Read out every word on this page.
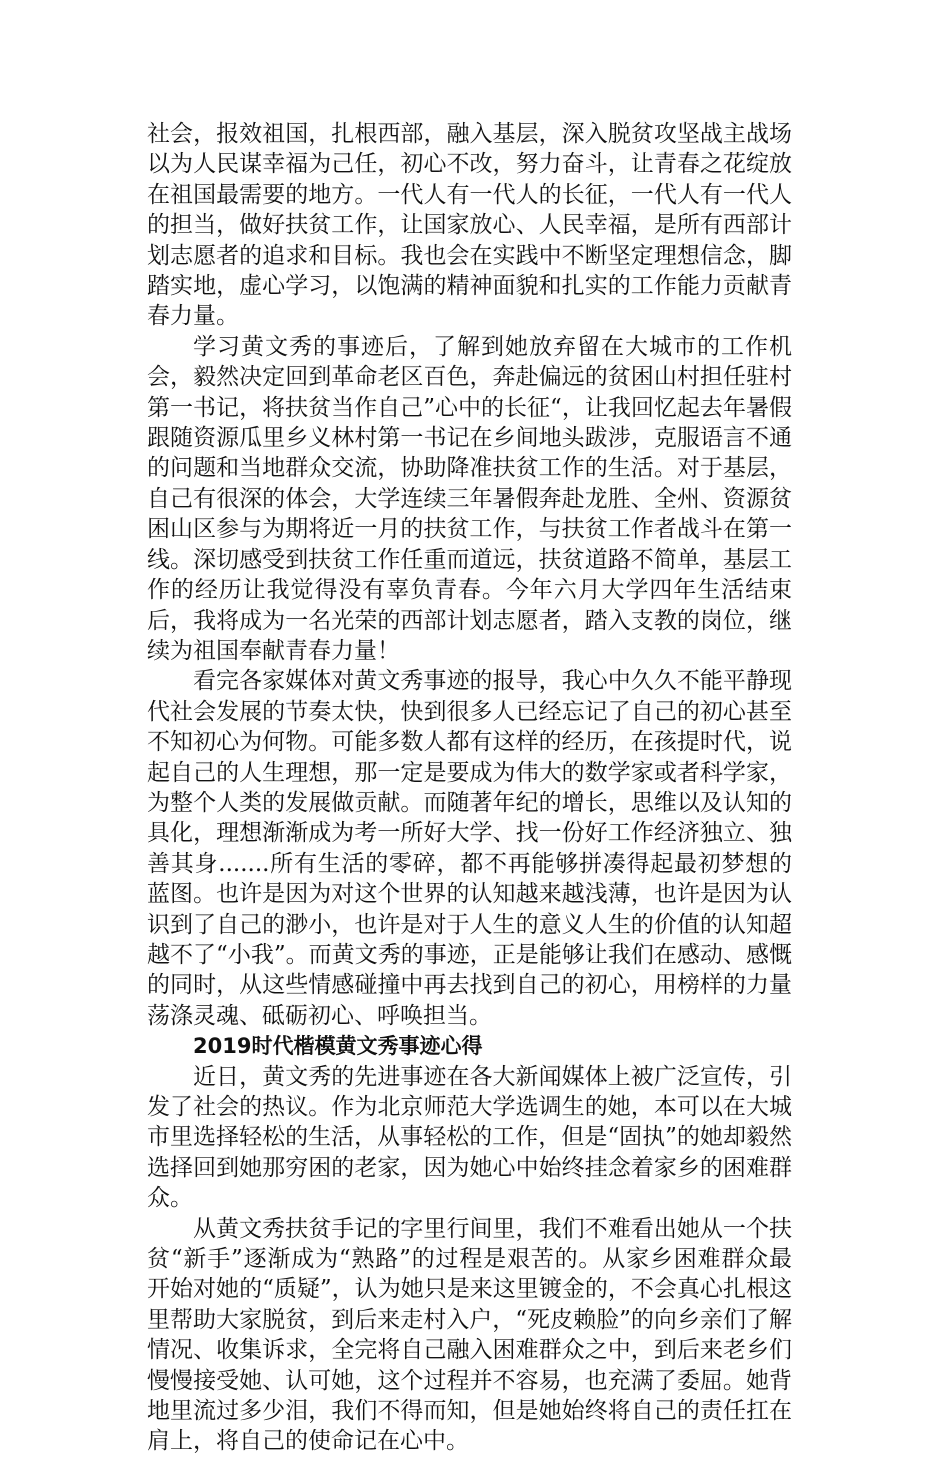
社会，报效祖国，扎根西部，融入基层，深入脱贫攻坚战主战场以为人民谋幸福为己任，初心不改，努力奋斗，让青春之花绽放在祖国最需要的地方。一代人有一代人的长征，一代人有一代人的担当，做好扶贫工作，让国家放心、人民幸福，是所有西部计划志愿者的追求和目标。我也会在实践中不断坚定理想信念，脚踏实地，虚心学习，以饱满的精神面貌和扎实的工作能力贡献青春力量。

学习黄文秀的事迹后，了解到她放弃留在大城市的工作机会，毅然决定回到革命老区百色，奔赴偏远的贫困山村担任驻村第一书记，将扶贫当作自己”心中的长征“，让我回忆起去年暑假跟随资源瓜里乡义林村第一书记在乡间地头跋涉，克服语言不通的问题和当地群众交流，协助降准扶贫工作的生活。对于基层，自己有很深的体会，大学连续三年暑假奔赴龙胜、全州、资源贫困山区参与为期将近一月的扶贫工作，与扶贫工作者战斗在第一线。深切感受到扶贫工作任重而道远，扶贫道路不简单，基层工作的经历让我觉得没有辜负青春。今年六月大学四年生活结束后，我将成为一名光荣的西部计划志愿者，踏入支教的岗位，继续为祖国奉献青春力量！

看完各家媒体对黄文秀事迹的报导，我心中久久不能平静现代社会发展的节奏太快，快到很多人已经忘记了自己的初心甚至不知初心为何物。可能多数人都有这样的经历，在孩提时代，说起自己的人生理想，那一定是要成为伟大的数学家或者科学家，为整个人类的发展做贡献。而随著年纪的增长，思维以及认知的具化，理想渐渐成为考一所好大学、找一份好工作经济独立、独善其身.......所有生活的零碎，都不再能够拼凑得起最初梦想的蓝图。也许是因为对这个世界的认知越来越浅薄，也许是因为认识到了自己的渺小，也许是对于人生的意义人生的价值的认知超越不了“小我”。而黄文秀的事迹，正是能够让我们在感动、感慨的同时，从这些情感碰撞中再去找到自己的初心，用榜样的力量荡涤灵魂、砥砺初心、呼唤担当。

2019时代楷模黄文秀事迹心得

近日，黄文秀的先进事迹在各大新闻媒体上被广泛宣传，引发了社会的热议。作为北京师范大学选调生的她，本可以在大城市里选择轻松的生活，从事轻松的工作，但是“固执”的她却毅然选择回到她那穷困的老家，因为她心中始终挂念着家乡的困难群众。

从黄文秀扶贫手记的字里行间里，我们不难看出她从一个扶贫“新手”逐渐成为“熟路”的过程是艰苦的。从家乡困难群众最开始对她的“质疑”，认为她只是来这里镀金的，不会真心扎根这里帮助大家脱贫，到后来走村入户，“死皮赖脸”的向乡亲们了解情况、收集诉求，全完将自己融入困难群众之中，到后来老乡们慢慢接受她、认可她，这个过程并不容易，也充满了委屈。她背地里流过多少泪，我们不得而知，但是她始终将自己的责任扛在肩上，将自己的使命记在心中。
